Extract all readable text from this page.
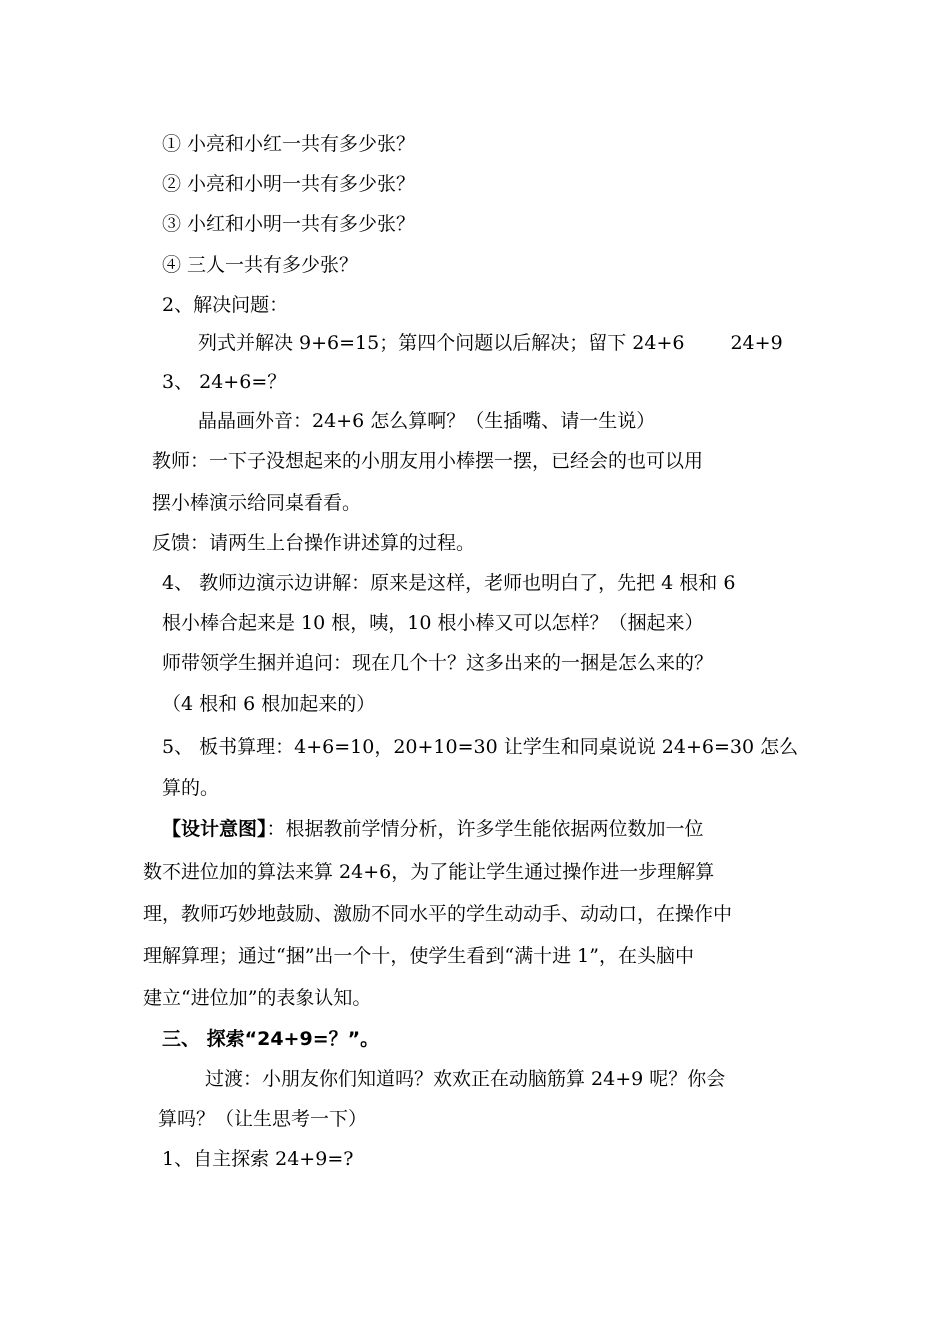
① 小亮和小红一共有多少张？
② 小亮和小明一共有多少张？
③ 小红和小明一共有多少张？
④ 三人一共有多少张？
2、解决问题：
列式并解决 9+6=15；第四个问题以后解决；留下 24+6 24+9
3、 24+6=？
晶晶画外音：24+6 怎么算啊？（生插嘴、请一生说）
教师：一下子没想起来的小朋友用小棒摆一摆，已经会的也可以用
摆小棒演示给同桌看看。
反馈：请两生上台操作讲述算的过程。
4、 教师边演示边讲解：原来是这样，老师也明白了，先把 4 根和 6
根小棒合起来是 10 根，咦，10 根小棒又可以怎样？（捆起来）
师带领学生捆并追问：现在几个十？这多出来的一捆是怎么来的？
（4 根和 6 根加起来的）
5、 板书算理：4+6=10，20+10=30 让学生和同桌说说 24+6=30 怎么
算的。
【设计意图】：根据教前学情分析，许多学生能依据两位数加一位
数不进位加的算法来算 24+6，为了能让学生通过操作进一步理解算
理，教师巧妙地鼓励、激励不同水平的学生动动手、动动口，在操作中
理解算理；通过“捆”出一个十，使学生看到“满十进 1”，在头脑中
建立“进位加”的表象认知。
三、 探索“24+9=？”。
过渡：小朋友你们知道吗？欢欢正在动脑筋算 24+9 呢？你会
算吗？（让生思考一下）
1、自主探索 24+9=?
